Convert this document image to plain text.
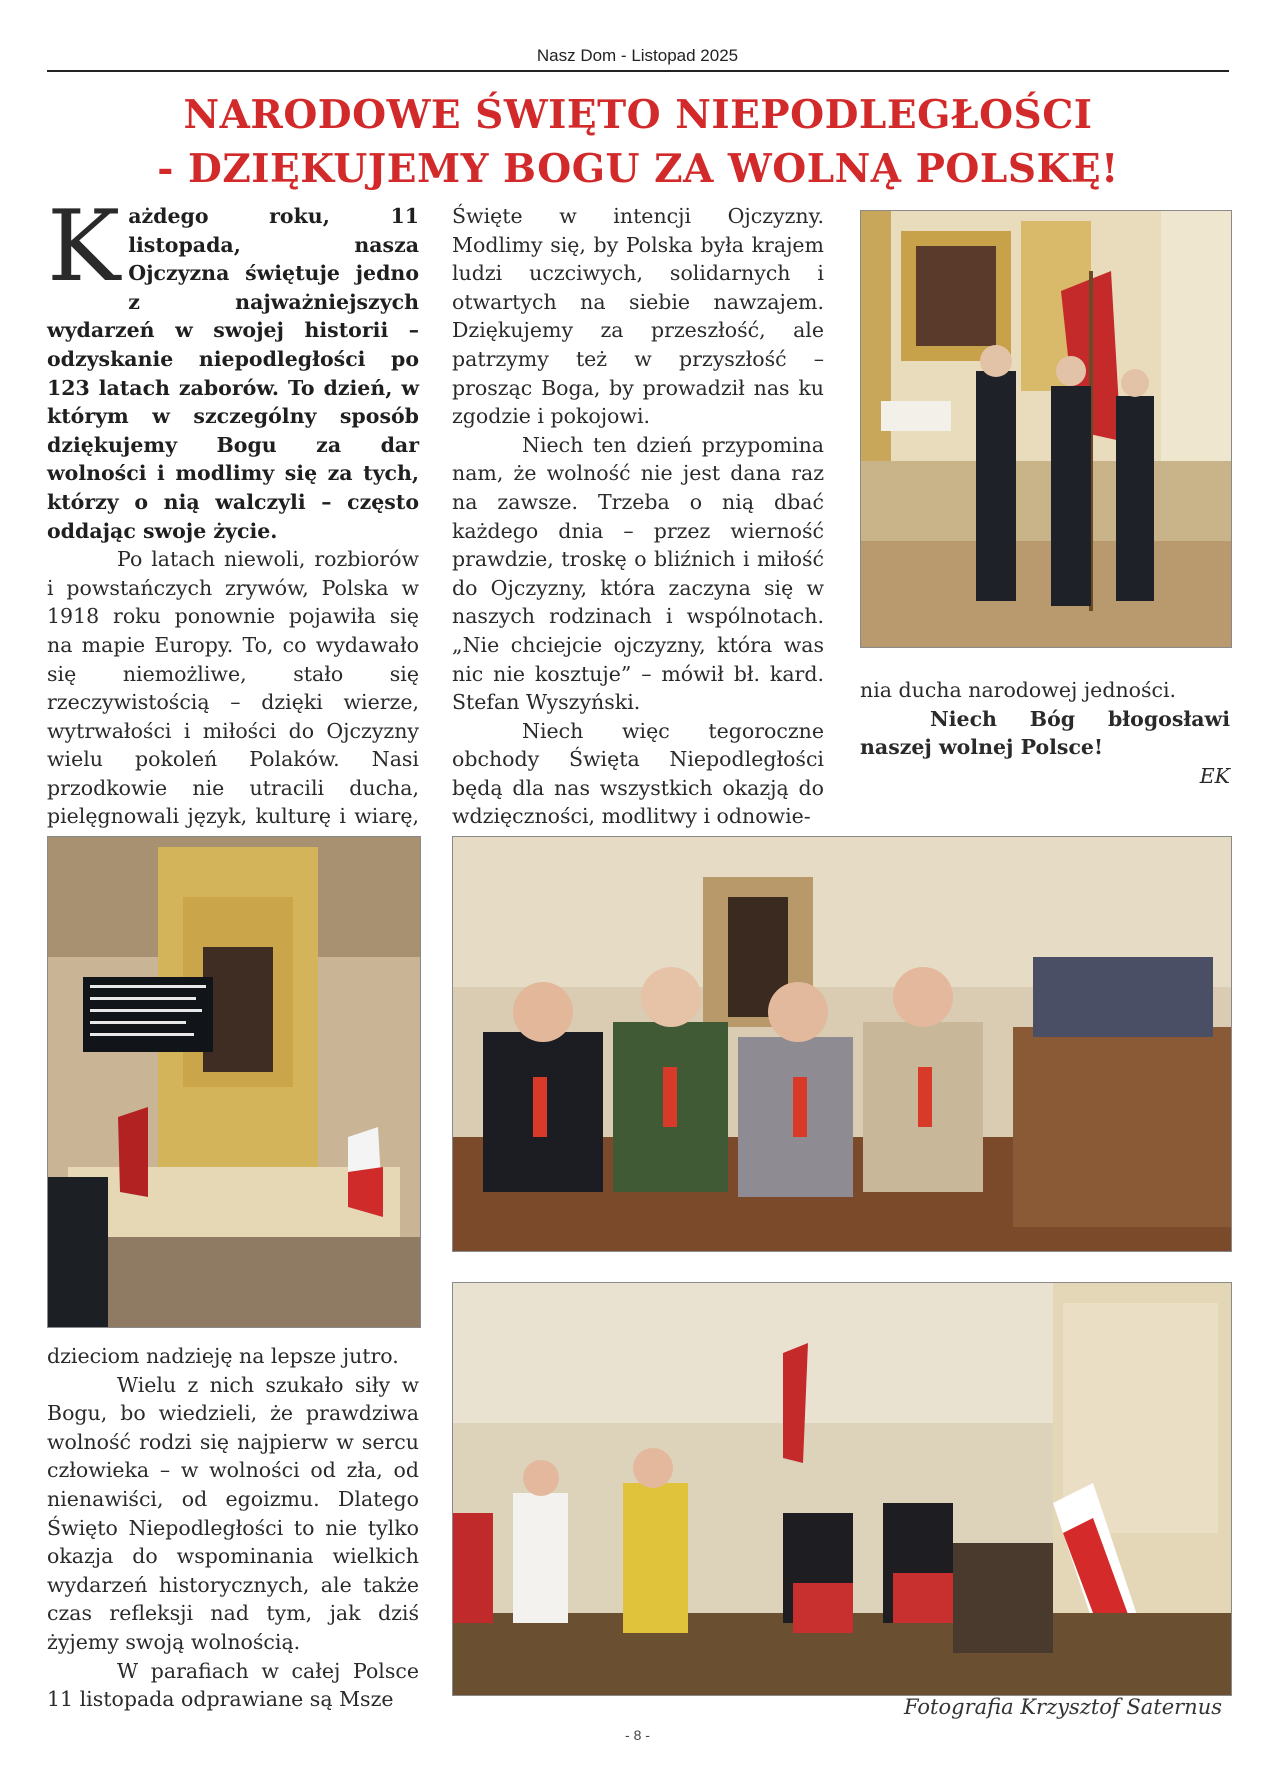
Nasz Dom - Listopad 2025
NARODOWE ŚWIĘTO NIEPODLEGŁOŚCI
- DZIĘKUJEMY BOGU ZA WOLNĄ POLSKĘ!

Każdego roku, 11 listopada, nasza Ojczyzna świętuje jedno z najważniejszych wydarzeń w swojej historii – odzyskanie niepodległości po 123 latach zaborów. To dzień, w którym w szczególny sposób dziękujemy Bogu za dar wolności i modlimy się za tych, którzy o nią walczyli – często oddając swoje życie.

Po latach niewoli, rozbiorów i powstańczych zrywów, Polska w 1918 roku ponownie pojawiła się na mapie Europy. To, co wydawało się niemożliwe, stało się rzeczywistością – dzięki wierze, wytrwałości i miłości do Ojczyzny wielu pokoleń Polaków. Nasi przodkowie nie utracili ducha, pielęgnowali język, kulturę i wiarę,

Święte w intencji Ojczyzny. Modlimy się, by Polska była krajem ludzi uczciwych, solidarnych i otwartych na siebie nawzajem. Dziękujemy za przeszłość, ale patrzymy też w przyszłość – prosząc Boga, by prowadził nas ku zgodzie i pokojowi.

Niech ten dzień przypomina nam, że wolność nie jest dana raz na zawsze. Trzeba o nią dbać każdego dnia – przez wierność prawdzie, troskę o bliźnich i miłość do Ojczyzny, która zaczyna się w naszych rodzinach i wspólnotach. „Nie chciejcie ojczyzny, która was nic nie kosztuje” – mówił bł. kard. Stefan Wyszyński.

Niech więc tegoroczne obchody Święta Niepodległości będą dla nas wszystkich okazją do wdzięczności, modlitwy i odnowie-

nia ducha narodowej jedności.

Niech Bóg błogosławi naszej wolnej Polsce!

EK

dzieciom nadzieję na lepsze jutro.

Wielu z nich szukało siły w Bogu, bo wiedzieli, że prawdziwa wolność rodzi się najpierw w sercu człowieka – w wolności od zła, od nienawiści, od egoizmu. Dlatego Święto Niepodległości to nie tylko okazja do wspominania wielkich wydarzeń historycznych, ale także czas refleksji nad tym, jak dziś żyjemy swoją wolnością.

W parafiach w całej Polsce 11 listopada odprawiane są Msze	Fotografia Krzysztof Saternus
- 8 -
